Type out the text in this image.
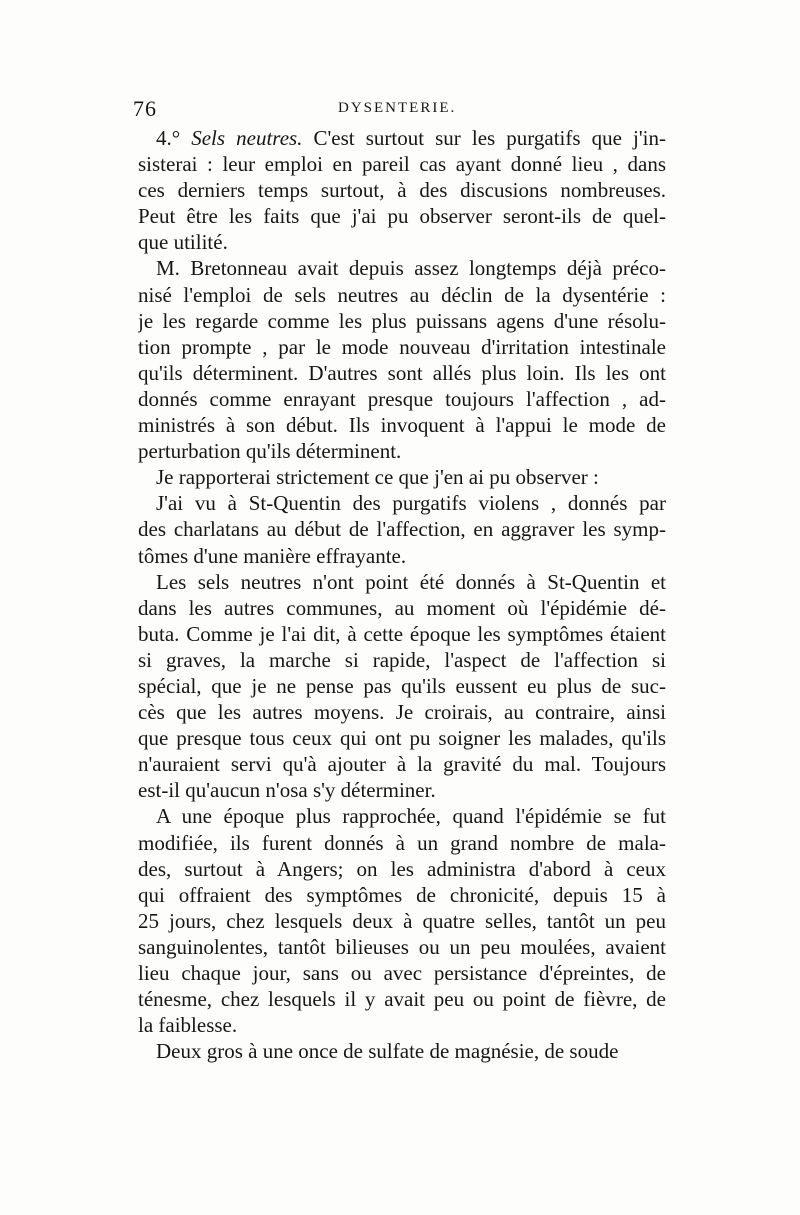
76	DYSENTERIE.
4.° Sels neutres. C'est surtout sur les purgatifs que j'in-
sisterai : leur emploi en pareil cas ayant donné lieu , dans
ces derniers temps surtout, à des discusions nombreuses.
Peut être les faits que j'ai pu observer seront-ils de quel-
que utilité.
M. Bretonneau avait depuis assez longtemps déjà préco-
nisé l'emploi de sels neutres au déclin de la dysentérie :
je les regarde comme les plus puissans agens d'une résolu-
tion prompte , par le mode nouveau d'irritation intestinale
qu'ils déterminent. D'autres sont allés plus loin. Ils les ont
donnés comme enrayant presque toujours l'affection , ad-
ministrés à son début. Ils invoquent à l'appui le mode de
perturbation qu'ils déterminent.
Je rapporterai strictement ce que j'en ai pu observer :
J'ai vu à St-Quentin des purgatifs violens , donnés par
des charlatans au début de l'affection, en aggraver les symp-
tômes d'une manière effrayante.
Les sels neutres n'ont point été donnés à St-Quentin et
dans les autres communes, au moment où l'épidémie dé-
buta. Comme je l'ai dit, à cette époque les symptômes étaient
si graves, la marche si rapide, l'aspect de l'affection si
spécial, que je ne pense pas qu'ils eussent eu plus de suc-
cès que les autres moyens. Je croirais, au contraire, ainsi
que presque tous ceux qui ont pu soigner les malades, qu'ils
n'auraient servi qu'à ajouter à la gravité du mal. Toujours
est-il qu'aucun n'osa s'y déterminer.
A une époque plus rapprochée, quand l'épidémie se fut
modifiée, ils furent donnés à un grand nombre de mala-
des, surtout à Angers; on les administra d'abord à ceux
qui offraient des symptômes de chronicité, depuis 15 à
25 jours, chez lesquels deux à quatre selles, tantôt un peu
sanguinolentes, tantôt bilieuses ou un peu moulées, avaient
lieu chaque jour, sans ou avec persistance d'épreintes, de
ténesme, chez lesquels il y avait peu ou point de fièvre, de
la faiblesse.
Deux gros à une once de sulfate de magnésie, de soude
